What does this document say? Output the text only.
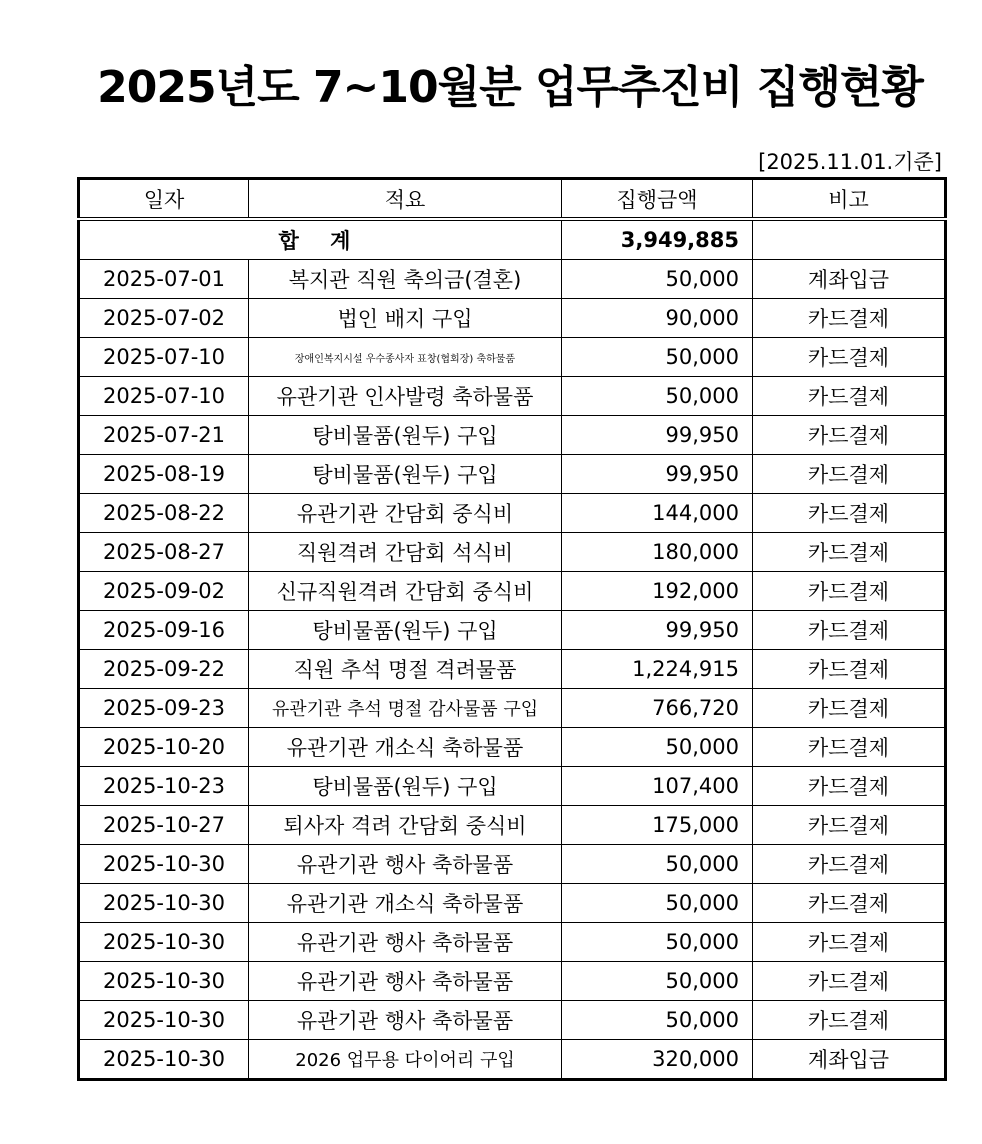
2025년도 7~10월분 업무추진비 집행현황
[2025.11.01.기준]
일자	적요	집행금액	비고
합 계		3,949,885	
2025-07-01	복지관 직원 축의금(결혼)	50,000	계좌입금
2025-07-02	법인 배지 구입	90,000	카드결제
2025-07-10	장애인복지시설 우수종사자 표창(협회장) 축하물품	50,000	카드결제
2025-07-10	유관기관 인사발령 축하물품	50,000	카드결제
2025-07-21	탕비물품(원두) 구입	99,950	카드결제
2025-08-19	탕비물품(원두) 구입	99,950	카드결제
2025-08-22	유관기관 간담회 중식비	144,000	카드결제
2025-08-27	직원격려 간담회 석식비	180,000	카드결제
2025-09-02	신규직원격려 간담회 중식비	192,000	카드결제
2025-09-16	탕비물품(원두) 구입	99,950	카드결제
2025-09-22	직원 추석 명절 격려물품	1,224,915	카드결제
2025-09-23	유관기관 추석 명절 감사물품 구입	766,720	카드결제
2025-10-20	유관기관 개소식 축하물품	50,000	카드결제
2025-10-23	탕비물품(원두) 구입	107,400	카드결제
2025-10-27	퇴사자 격려 간담회 중식비	175,000	카드결제
2025-10-30	유관기관 행사 축하물품	50,000	카드결제
2025-10-30	유관기관 개소식 축하물품	50,000	카드결제
2025-10-30	유관기관 행사 축하물품	50,000	카드결제
2025-10-30	유관기관 행사 축하물품	50,000	카드결제
2025-10-30	유관기관 행사 축하물품	50,000	카드결제
2025-10-30	2026 업무용 다이어리 구입	320,000	계좌입금
